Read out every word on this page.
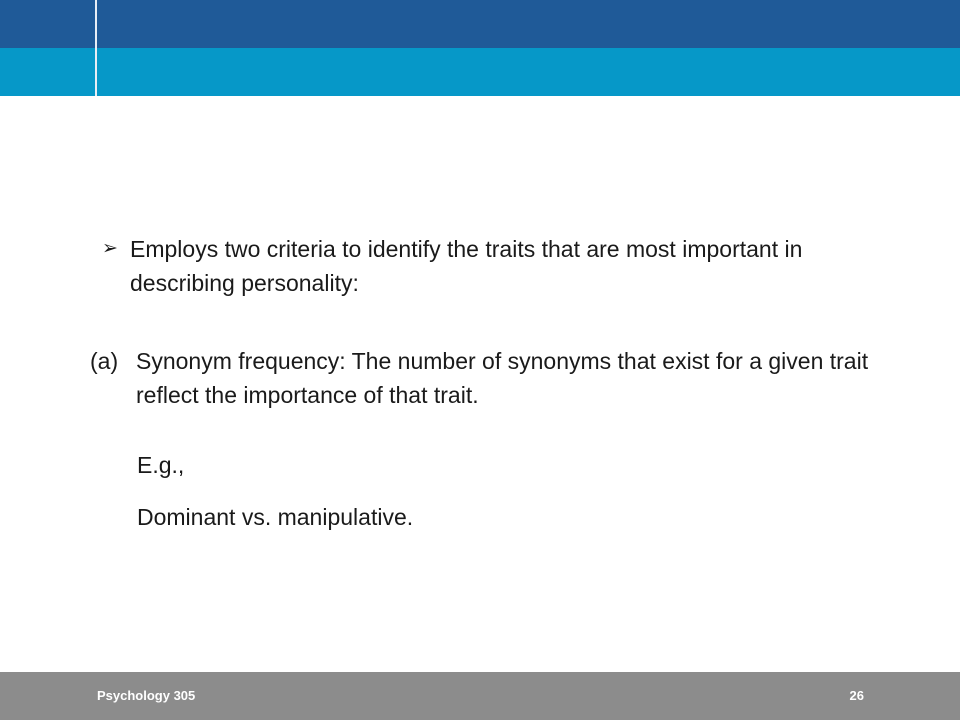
➢ Employs two criteria to identify the traits that are most important in describing personality:
(a) Synonym frequency: The number of synonyms that exist for a given trait reflect the importance of that trait.
E.g.,
Dominant vs. manipulative.
Psychology 305	26
